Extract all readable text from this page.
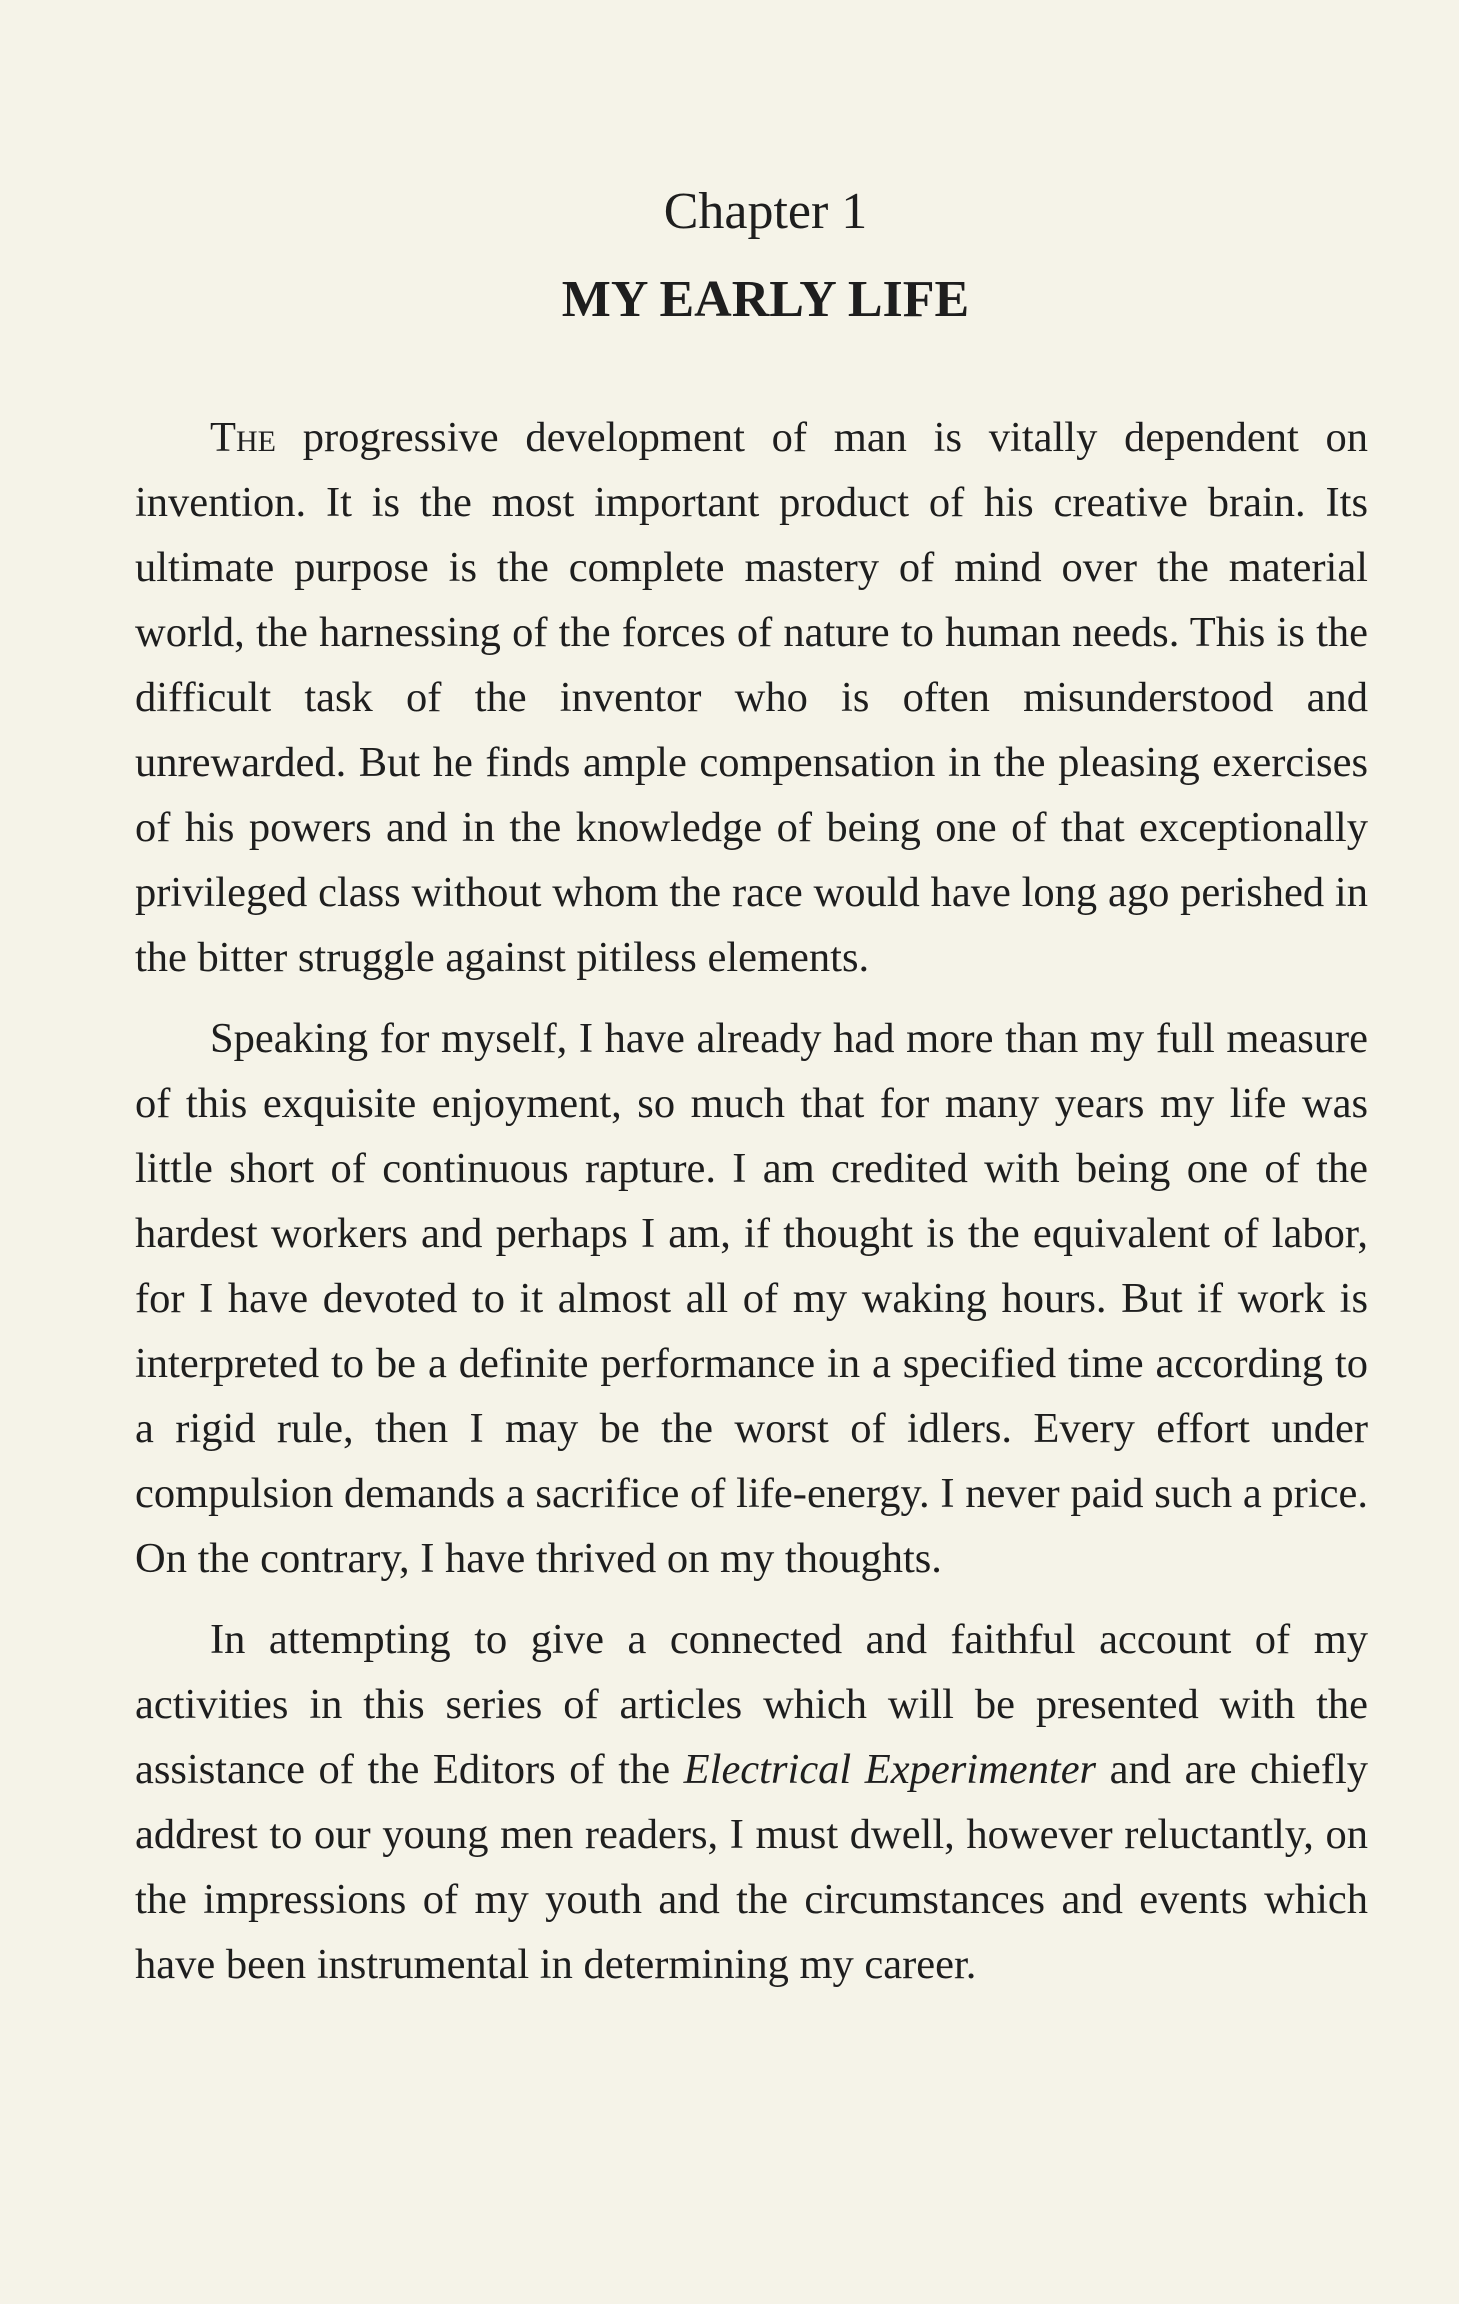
Chapter 1
MY EARLY LIFE

The progressive development of man is vitally dependent on invention. It is the most important product of his creative brain. Its ultimate purpose is the complete mastery of mind over the material world, the harnessing of the forces of nature to human needs. This is the difficult task of the inventor who is often misunderstood and unrewarded. But he finds ample compensation in the pleasing exercises of his powers and in the knowledge of being one of that exceptionally privileged class without whom the race would have long ago perished in the bitter struggle against pitiless elements.

Speaking for myself, I have already had more than my full measure of this exquisite enjoyment, so much that for many years my life was little short of continuous rapture. I am credited with being one of the hardest workers and perhaps I am, if thought is the equivalent of labor, for I have devoted to it almost all of my waking hours. But if work is interpreted to be a definite performance in a specified time according to a rigid rule, then I may be the worst of idlers. Every effort under compulsion demands a sacrifice of life-energy. I never paid such a price. On the contrary, I have thrived on my thoughts.

In attempting to give a connected and faithful account of my activities in this series of articles which will be presented with the assistance of the Editors of the Electrical Experimenter and are chiefly addrest to our young men readers, I must dwell, however reluctantly, on the impressions of my youth and the circumstances and events which have been instrumental in determining my career.
